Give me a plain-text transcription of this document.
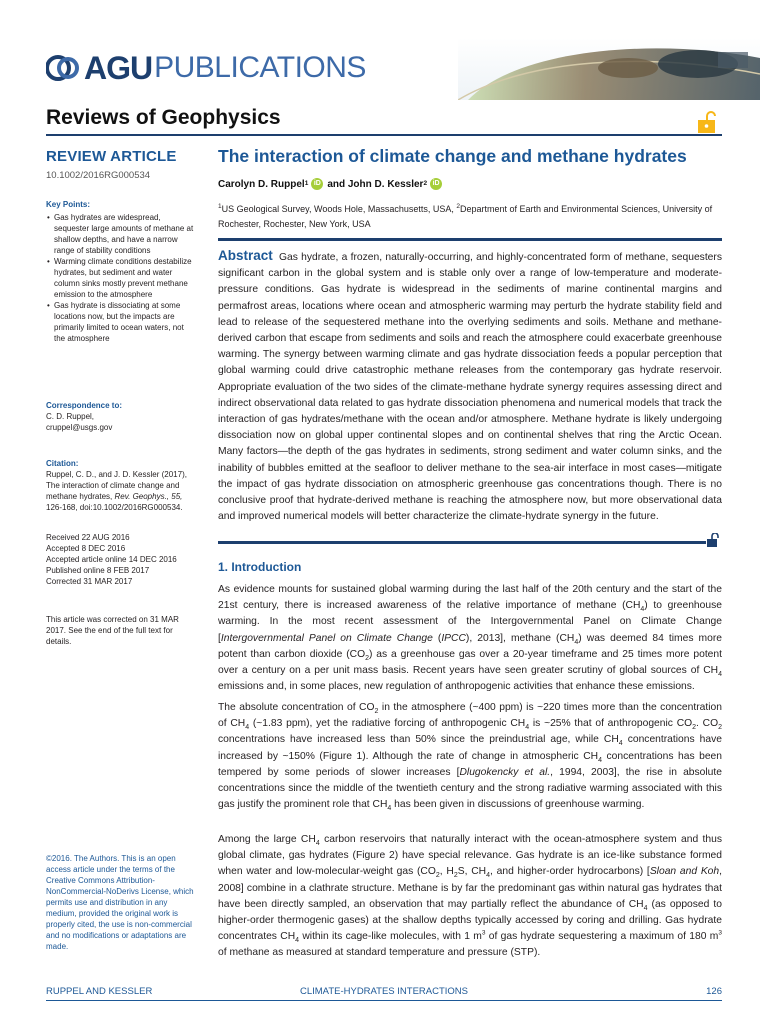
AGU PUBLICATIONS
Reviews of Geophysics
REVIEW ARTICLE
10.1002/2016RG000534
Key Points:
• Gas hydrates are widespread, sequester large amounts of methane at shallow depths, and have a narrow range of stability conditions
• Warming climate conditions destabilize hydrates, but sediment and water column sinks mostly prevent methane emission to the atmosphere
• Gas hydrate is dissociating at some locations now, but the impacts are primarily limited to ocean waters, not the atmosphere
Correspondence to:
C. D. Ruppel,
cruppel@usgs.gov
Citation:
Ruppel, C. D., and J. D. Kessler (2017), The interaction of climate change and methane hydrates, Rev. Geophys., 55, 126-168, doi:10.1002/2016RG000534.
Received 22 AUG 2016
Accepted 8 DEC 2016
Accepted article online 14 DEC 2016
Published online 8 FEB 2017
Corrected 31 MAR 2017
This article was corrected on 31 MAR 2017. See the end of the full text for details.
©2016. The Authors. This is an open access article under the terms of the Creative Commons Attribution-NonCommercial-NoDerivs License, which permits use and distribution in any medium, provided the original work is properly cited, the use is non-commercial and no modifications or adaptations are made.
The interaction of climate change and methane hydrates
Carolyn D. Ruppel 1 iD and John D. Kessler 2 iD
$^1$US Geological Survey, Woods Hole, Massachusetts, USA, $^2$Department of Earth and Environmental Sciences, University of Rochester, Rochester, New York, USA
Abstract Gas hydrate, a frozen, naturally-occurring, and highly-concentrated form of methane, sequesters significant carbon in the global system and is stable only over a range of low-temperature and moderate-pressure conditions. Gas hydrate is widespread in the sediments of marine continental margins and permafrost areas, locations where ocean and atmospheric warming may perturb the hydrate stability field and lead to release of the sequestered methane into the overlying sediments and soils. Methane and methane-derived carbon that escape from sediments and soils and reach the atmosphere could exacerbate greenhouse warming. The synergy between warming climate and gas hydrate dissociation feeds a popular perception that global warming could drive catastrophic methane releases from the contemporary gas hydrate reservoir. Appropriate evaluation of the two sides of the climate-methane hydrate synergy requires assessing direct and indirect observational data related to gas hydrate dissociation phenomena and numerical models that track the interaction of gas hydrates/methane with the ocean and/or atmosphere. Methane hydrate is likely undergoing dissociation now on global upper continental slopes and on continental shelves that ring the Arctic Ocean. Many factors—the depth of the gas hydrates in sediments, strong sediment and water column sinks, and the inability of bubbles emitted at the seafloor to deliver methane to the sea-air interface in most cases—mitigate the impact of gas hydrate dissociation on atmospheric greenhouse gas concentrations though. There is no conclusive proof that hydrate-derived methane is reaching the atmosphere now, but more observational data and improved numerical models will better characterize the climate-hydrate synergy in the future.
1. Introduction
As evidence mounts for sustained global warming during the last half of the 20th century and the start of the 21st century, there is increased awareness of the relative importance of methane $(CH_4)$ to greenhouse warming. In the most recent assessment of the Intergovernmental Panel on Climate Change [Intergovernmental Panel on Climate Change (IPCC), 2013], methane $(CH_4)$ was deemed 84 times more potent than carbon dioxide $(CO_2)$ as a greenhouse gas over a 20-year timeframe and 25 times more potent over a century on a per unit mass basis. Recent years have seen greater scrutiny of global sources of $CH_4$ emissions and, in some places, new regulation of anthropogenic activities that enhance these emissions.
The absolute concentration of $CO_2$ in the atmosphere (~400 ppm) is ~220 times more than the concentration of $CH_4$ (~1.83 ppm), yet the radiative forcing of anthropogenic $CH_4$ is ~25% that of anthropogenic $CO_2$. $CO_2$ concentrations have increased less than 50% since the preindustrial age, while $CH_4$ concentrations have increased by ~150% (Figure 1). Although the rate of change in atmospheric $CH_4$ concentrations has been tempered by some periods of slower increases [Dlugokencky et al., 1994, 2003], the rise in absolute concentrations since the middle of the twentieth century and the strong radiative warming associated with this gas justify the prominent role that $CH_4$ has been given in discussions of greenhouse warming.
Among the large $CH_4$ carbon reservoirs that naturally interact with the ocean-atmosphere system and thus global climate, gas hydrates (Figure 2) have special relevance. Gas hydrate is an ice-like substance formed when water and low-molecular-weight gas ($CO_2$, $H_2S$, $CH_4$, and higher-order hydrocarbons) [Sloan and Koh, 2008] combine in a clathrate structure. Methane is by far the predominant gas within natural gas hydrates that have been directly sampled, an observation that may partially reflect the abundance of $CH_4$ (as opposed to higher-order thermogenic gases) at the shallow depths typically accessed by coring and drilling. Gas hydrate concentrates $CH_4$ within its cage-like molecules, with 1 $m^3$ of gas hydrate sequestering a maximum of 180 $m^3$ of methane as measured at standard temperature and pressure (STP).
RUPPEL AND KESSLER	CLIMATE-HYDRATES INTERACTIONS	126
